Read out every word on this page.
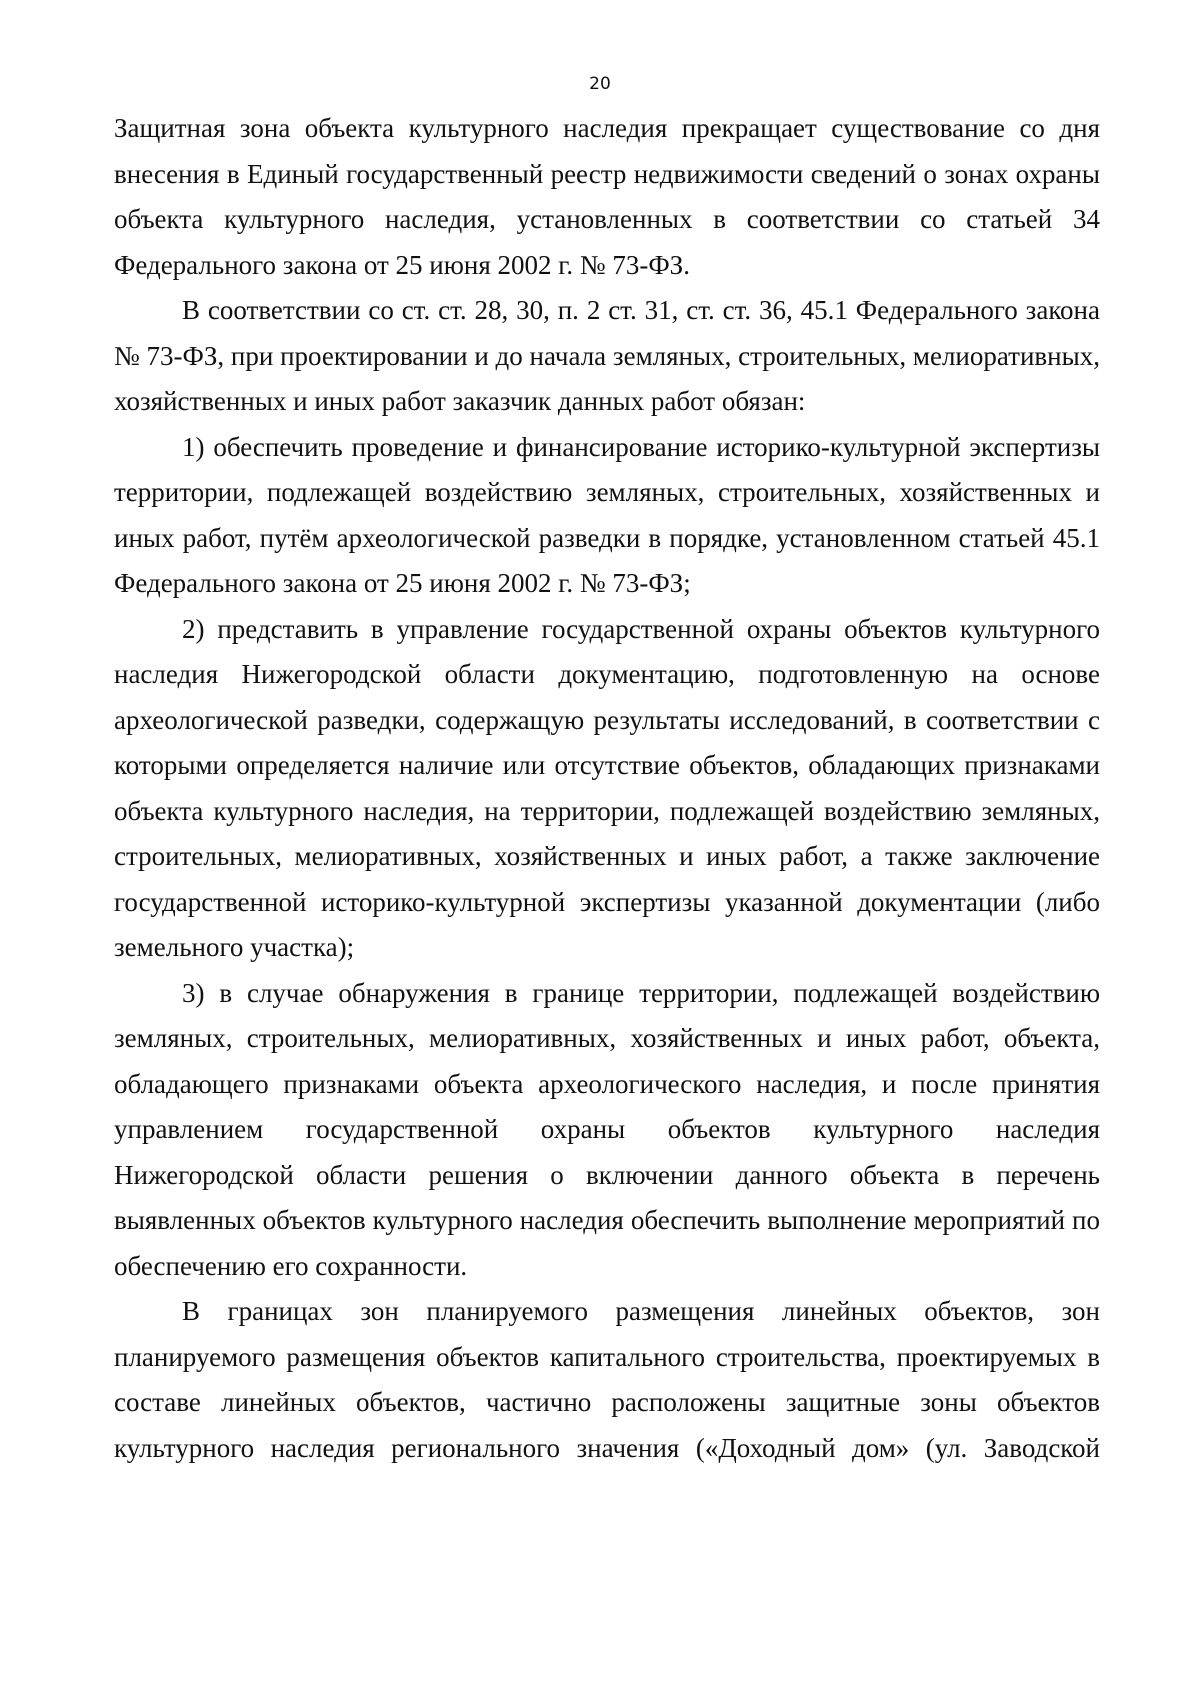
20

Защитная зона объекта культурного наследия прекращает существование со дня внесения в Единый государственный реестр недвижимости сведений о зонах охраны объекта культурного наследия, установленных в соответствии со статьей 34 Федерального закона от 25 июня 2002 г. № 73-ФЗ.

В соответствии со ст. ст. 28, 30, п. 2 ст. 31, ст. ст. 36, 45.1 Федерального закона № 73-ФЗ, при проектировании и до начала земляных, строительных, мелиоративных, хозяйственных и иных работ заказчик данных работ обязан:

1) обеспечить проведение и финансирование историко-культурной экспертизы территории, подлежащей воздействию земляных, строительных, хозяйственных и иных работ, путём археологической разведки в порядке, установленном статьей 45.1 Федерального закона от 25 июня 2002 г. № 73-ФЗ;

2) представить в управление государственной охраны объектов культурного наследия Нижегородской области документацию, подготовленную на основе археологической разведки, содержащую результаты исследований, в соответствии с которыми определяется наличие или отсутствие объектов, обладающих признаками объекта культурного наследия, на территории, подлежащей воздействию земляных, строительных, мелиоративных, хозяйственных и иных работ, а также заключение государственной историко-культурной экспертизы указанной документации (либо земельного участка);

3) в случае обнаружения в границе территории, подлежащей воздействию земляных, строительных, мелиоративных, хозяйственных и иных работ, объекта, обладающего признаками объекта археологического наследия, и после принятия управлением государственной охраны объектов культурного наследия Нижегородской области решения о включении данного объекта в перечень выявленных объектов культурного наследия обеспечить выполнение мероприятий по обеспечению его сохранности.

В границах зон планируемого размещения линейных объектов, зон планируемого размещения объектов капитального строительства, проектируемых в составе линейных объектов, частично расположены защитные зоны объектов культурного наследия регионального значения («Доходный дом» (ул. Заводской
